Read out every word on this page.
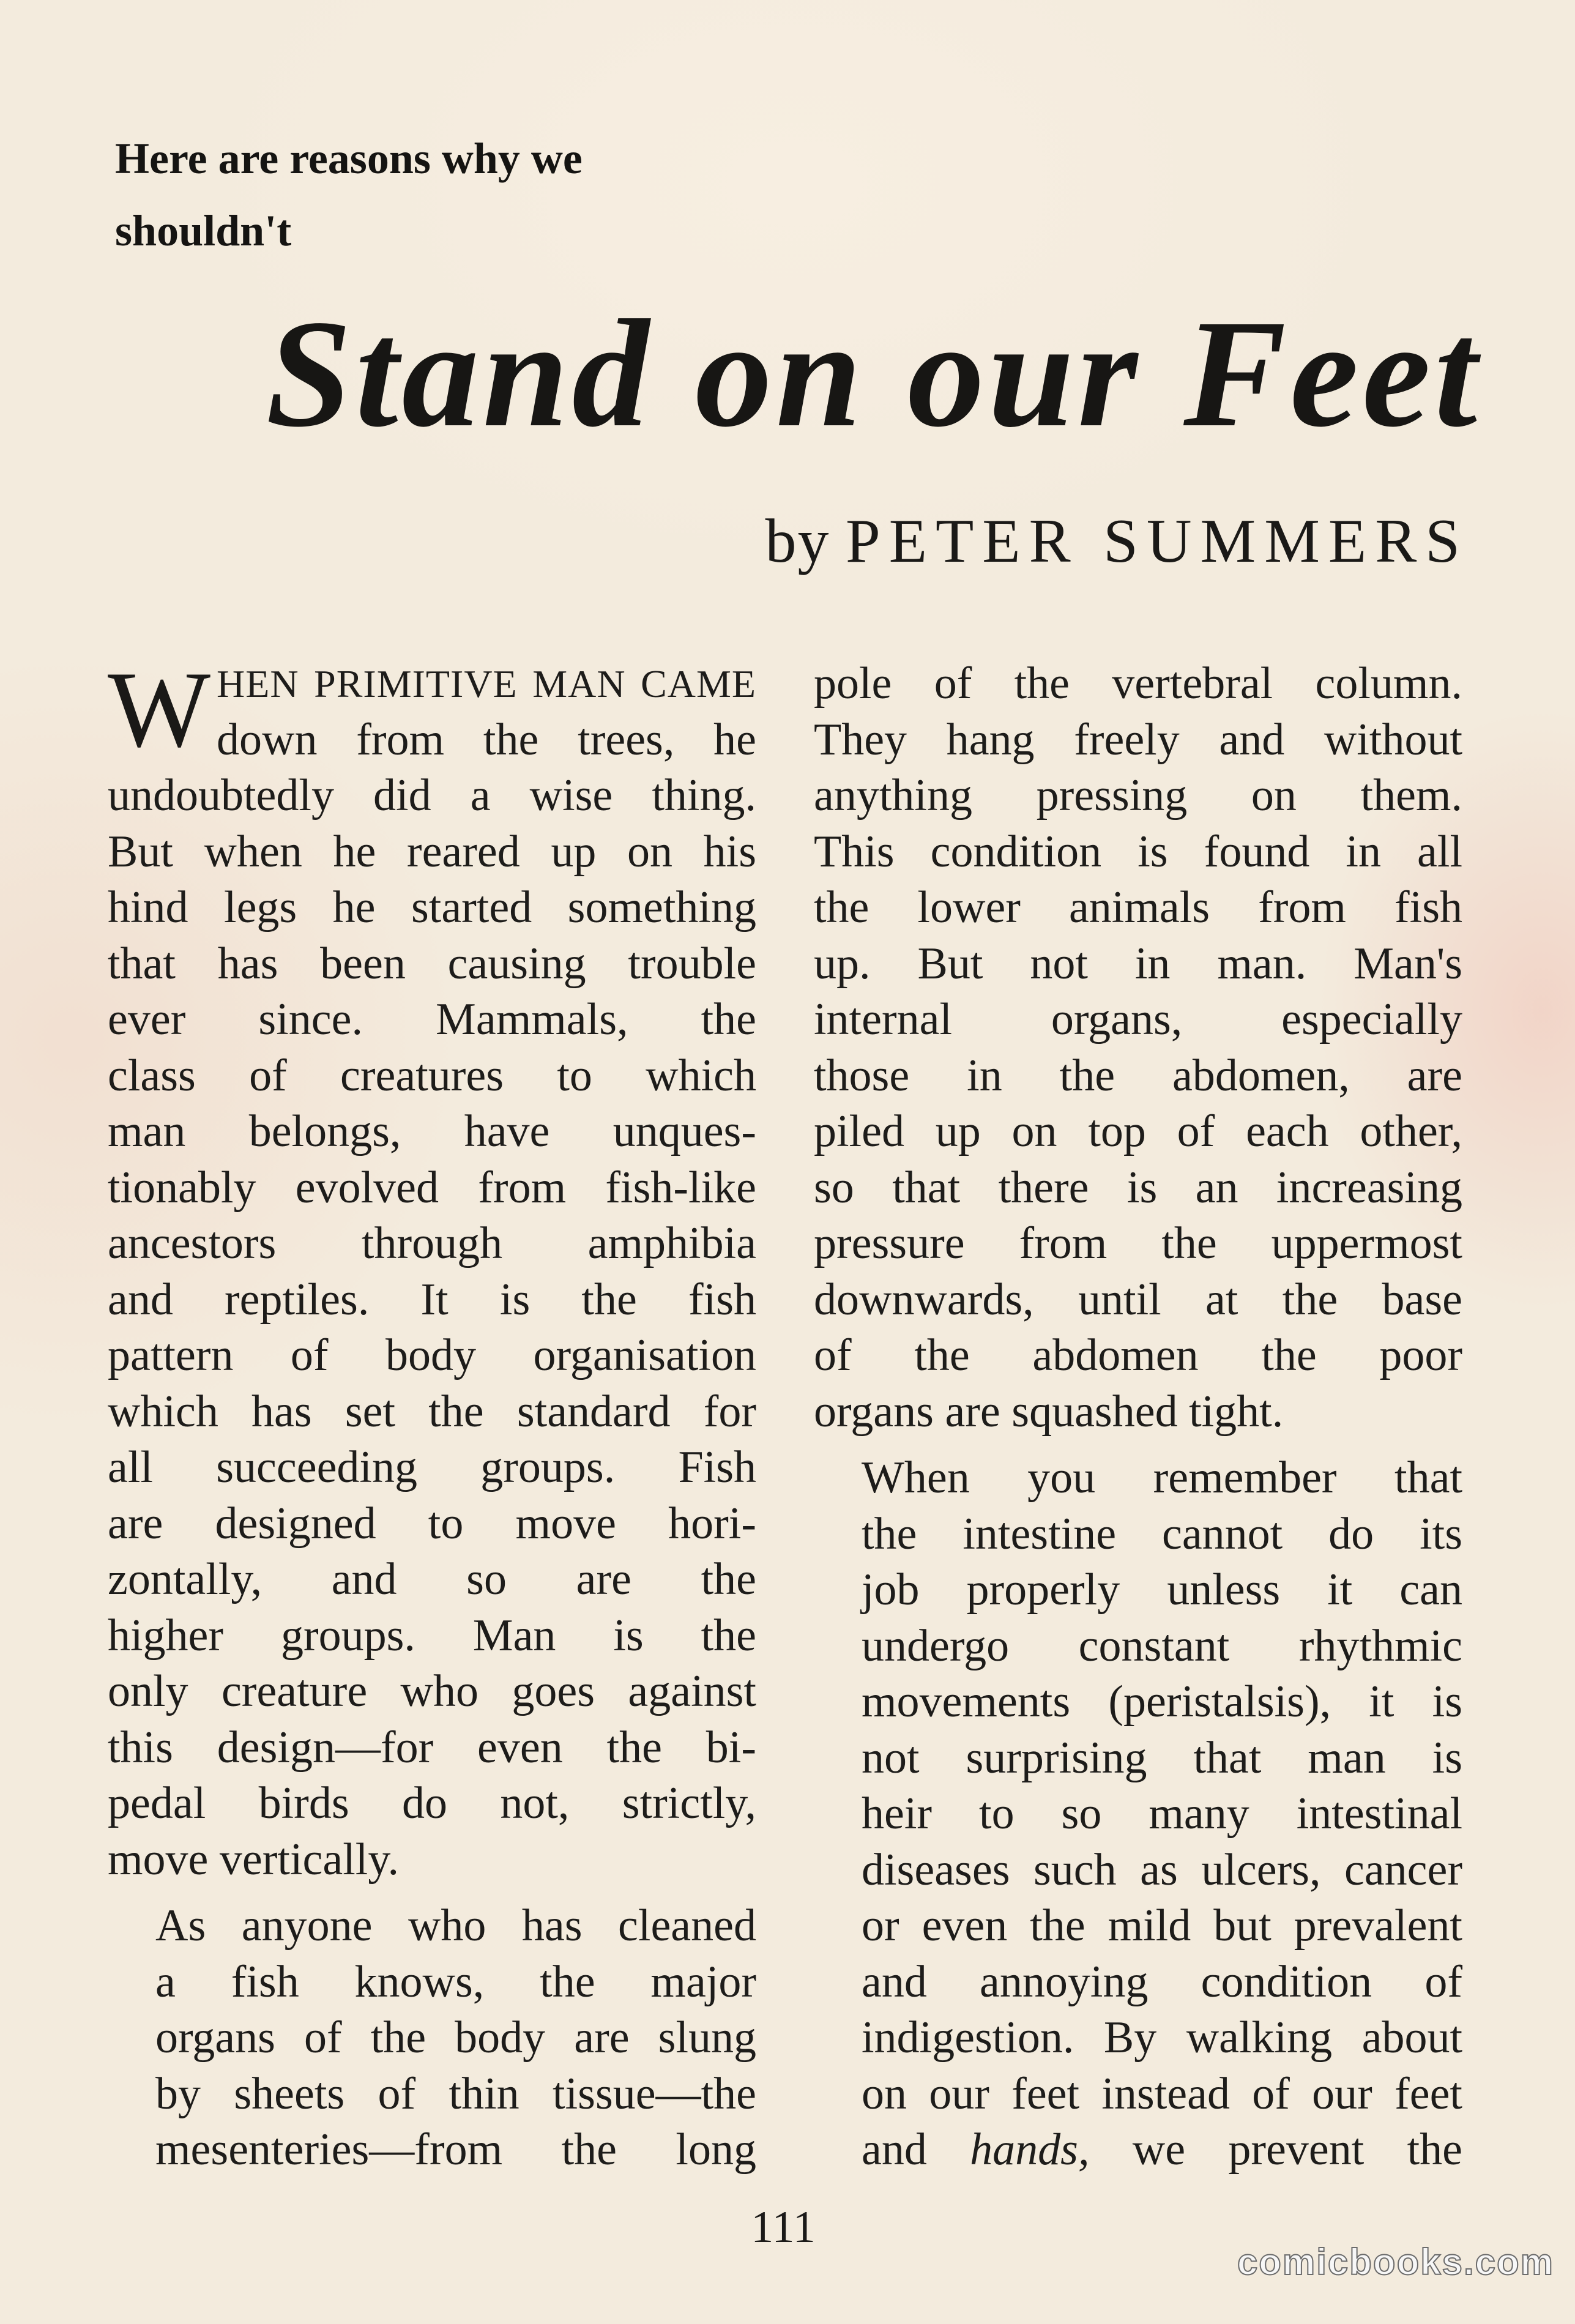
Here are reasons why we
shouldn't
Stand on our Feet
by PETER SUMMERS

W HEN PRIMITIVE MAN CAME
down from the trees, he
undoubtedly did a wise thing.
But when he reared up on his
hind legs he started something
that has been causing trouble
ever since. Mammals, the
class of creatures to which
man belongs, have unques-
tionably evolved from fish-like
ancestors through amphibia
and reptiles. It is the fish
pattern of body organisation
which has set the standard for
all succeeding groups. Fish
are designed to move hori-
zontally, and so are the
higher groups. Man is the
only creature who goes against
this design—for even the bi-
pedal birds do not, strictly,
move vertically.

As anyone who has cleaned
a fish knows, the major
organs of the body are slung
by sheets of thin tissue—the
mesenteries—from the long

pole of the vertebral column.
They hang freely and without
anything pressing on them.
This condition is found in all
the lower animals from fish
up. But not in man. Man's
internal organs, especially
those in the abdomen, are
piled up on top of each other,
so that there is an increasing
pressure from the uppermost
downwards, until at the base
of the abdomen the poor
organs are squashed tight.

When you remember that
the intestine cannot do its
job properly unless it can
undergo constant rhythmic
movements (peristalsis), it is
not surprising that man is
heir to so many intestinal
diseases such as ulcers, cancer
or even the mild but prevalent
and annoying condition of
indigestion. By walking about
on our feet instead of our feet
and hands, we prevent the

111
comicbooks.com
